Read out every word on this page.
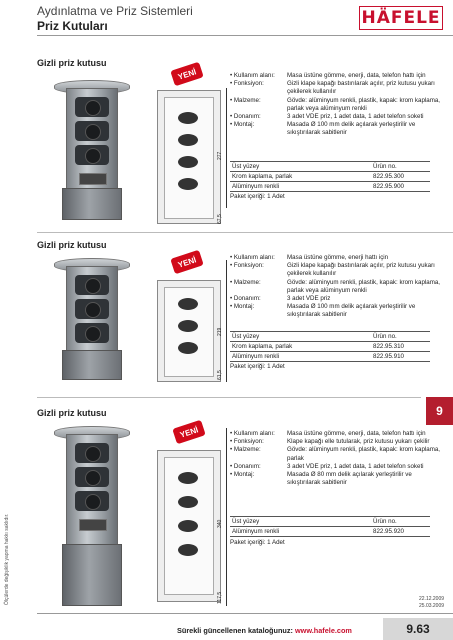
Aydınlatma ve Priz Sistemleri
Priz Kutuları	HÄFELE
Gizli priz kutusu
YENİ
277
67,5
• Kullanım alanı:	Masa üstüne gömme, enerji, data, telefon hattı için
• Fonksiyon:	Gizli klape kapağı bastırılarak açılır, priz kutusu yukarı çekilerek kullanılır
• Malzeme:	Gövde: alüminyum renkli, plastik, kapak: krom kaplama, parlak veya alüminyum renkli
• Donanım:	3 adet VDE priz, 1 adet data, 1 adet telefon soketi
• Montaj:	Masada Ø 100 mm delik açılarak yerleştirilir ve sıkıştırılarak sabitlenir
Üst yüzey	Ürün no.
Krom kaplama, parlak	822.95.300
Alüminyum renkli	822.95.900
Paket içeriği: 1 Adet
Gizli priz kutusu
YENİ
219
61,5
• Kullanım alanı:	Masa üstüne gömme, enerji hattı için
• Fonksiyon:	Gizli klape kapağı bastırılarak açılır, priz kutusu yukarı çekilerek kullanılır
• Malzeme:	Gövde: alüminyum renkli, plastik, kapak: krom kaplama, parlak veya alüminyum renkli
• Donanım:	3 adet VDE priz
• Montaj:	Masada Ø 100 mm delik açılarak yerleştirilir ve sıkıştırılarak sabitlenir
Üst yüzey	Ürün no.
Krom kaplama, parlak	822.95.310
Alüminyum renkli	822.95.910
Paket içeriği: 1 Adet
9
Gizli priz kutusu
YENİ
340
117,5
• Kullanım alanı:	Masa üstüne gömme, enerji, data, telefon hattı için
• Fonksiyon:	Klape kapağı elle tutularak, priz kutusu yukarı çekilir
• Malzeme:	Gövde: alüminyum renkli, plastik, kapak: krom kaplama, parlak
• Donanım:	3 adet VDE priz, 1 adet data, 1 adet telefon soketi
• Montaj:	Masada Ø 80 mm delik açılarak yerleştirilir ve sıkıştırılarak sabitlenir
Üst yüzey	Ürün no.
Alüminyum renkli	822.95.920
Paket içeriği: 1 Adet
Ölçülerde değişiklik yapma hakkı saklıdır.	22.12.2009
25.03.2009
Sürekli güncellenen kataloğunuz: www.hafele.com	9.63
